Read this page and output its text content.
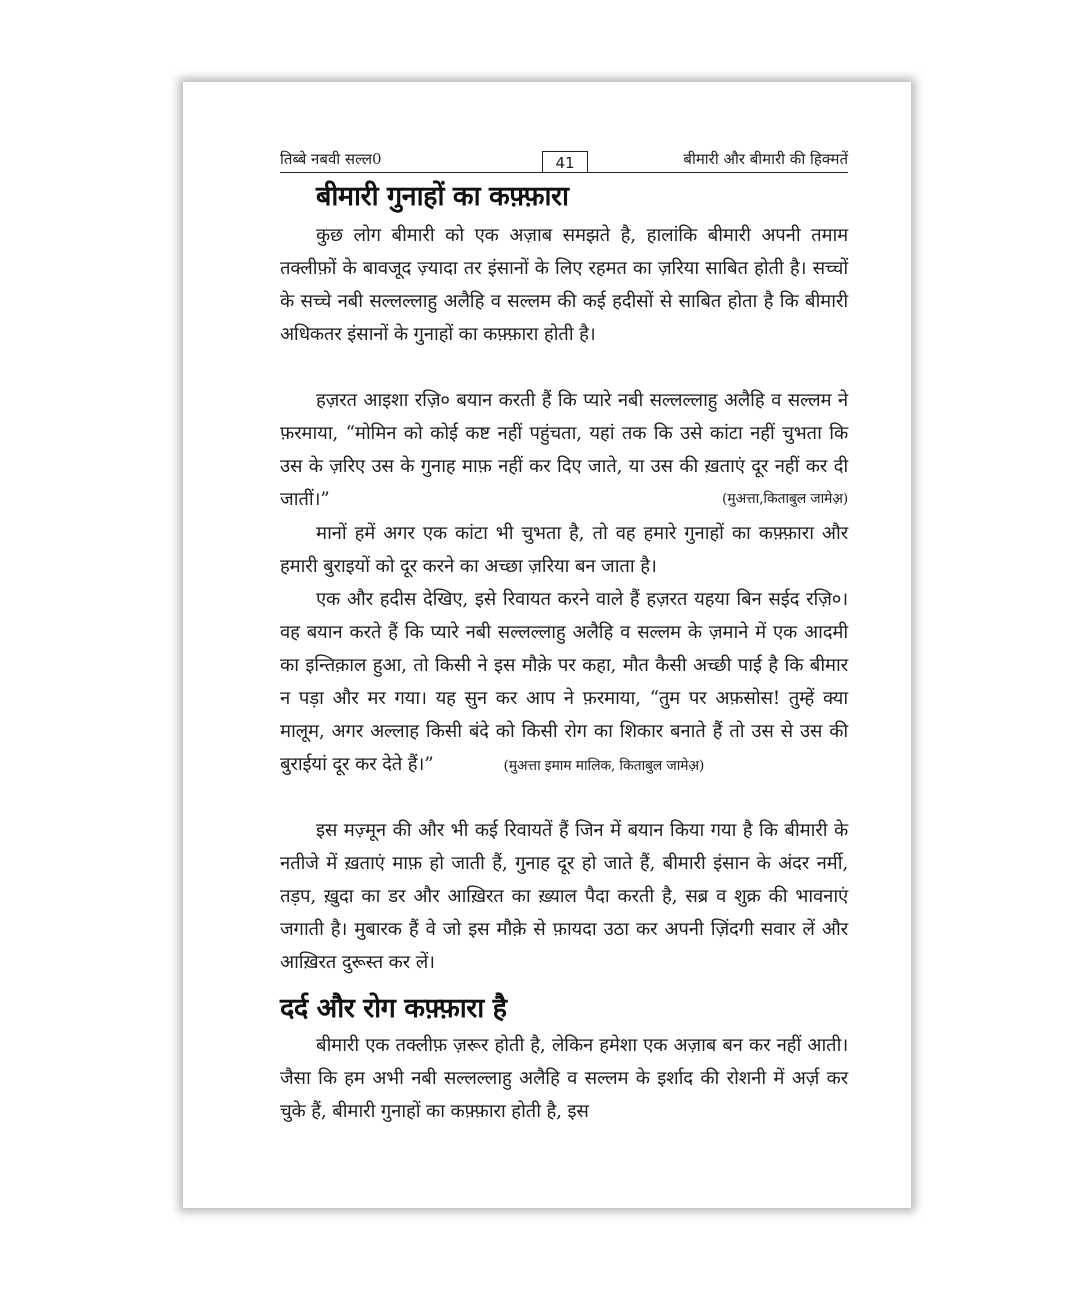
तिब्बे नबवी सल्ल0	41	बीमारी और बीमारी की हिक्मतें
बीमारी गुनाहों का कफ़्फ़ारा

कुछ लोग बीमारी को एक अज़ाब समझते है, हालांकि बीमारी अपनी तमाम तक्लीफ़ों के बावजूद ज़्यादा तर इंसानों के लिए रहमत का ज़रिया साबित होती है। सच्चों के सच्चे नबी सल्लल्लाहु अलैहि व सल्लम की कई हदीसों से साबित होता है कि बीमारी अधिकतर इंसानों के गुनाहों का कफ़्फ़ारा होती है।

हज़रत आइशा रज़ि० बयान करती हैं कि प्यारे नबी सल्लल्लाहु अलैहि व सल्लम ने फ़रमाया, “मोमिन को कोई कष्ट नहीं पहुंचता, यहां तक कि उसे कांटा नहीं चुभता कि उस के ज़रिए उस के गुनाह माफ़ नहीं कर दिए जाते, या उस की ख़ताएं दूर नहीं कर दी जातीं।”	(मुअत्ता,किताबुल जामेअ़)

मानों हमें अगर एक कांटा भी चुभता है, तो वह हमारे गुनाहों का कफ़्फ़ारा और हमारी बुराइयों को दूर करने का अच्छा ज़रिया बन जाता है।

एक और हदीस देखिए, इसे रिवायत करने वाले हैं हज़रत यहया बिन सईद रज़ि०। वह बयान करते हैं कि प्यारे नबी सल्लल्लाहु अलैहि व सल्लम के ज़माने में एक आदमी का इन्तिक़ाल हुआ, तो किसी ने इस मौक़े पर कहा, मौत कैसी अच्छी पाई है कि बीमार न पड़ा और मर गया। यह सुन कर आप ने फ़रमाया, “तुम पर अफ़सोस! तुम्हें क्या मालूम, अगर अल्लाह किसी बंदे को किसी रोग का शिकार बनाते हैं तो उस से उस की बुराईयां दूर कर देते हैं।”	(मुअत्ता इमाम मालिक, किताबुल जामेअ़)

इस मज़्मून की और भी कई रिवायतें हैं जिन में बयान किया गया है कि बीमारी के नतीजे में ख़ताएं माफ़ हो जाती हैं, गुनाह दूर हो जाते हैं, बीमारी इंसान के अंदर नर्मी, तड़प, ख़ुदा का डर और आख़िरत का ख़्याल पैदा करती है, सब्र व शुक्र की भावनाएं जगाती है। मुबारक हैं वे जो इस मौक़े से फ़ायदा उठा कर अपनी ज़िंदगी सवार लें और आख़िरत दुरूस्त कर लें।

दर्द और रोग कफ़्फ़ारा है

बीमारी एक तक्लीफ़ ज़रूर होती है, लेकिन हमेशा एक अज़ाब बन कर नहीं आती। जैसा कि हम अभी नबी सल्लल्लाहु अलैहि व सल्लम के इर्शाद की रोशनी में अर्ज़ कर चुके हैं, बीमारी गुनाहों का कफ़्फ़ारा होती है, इस
